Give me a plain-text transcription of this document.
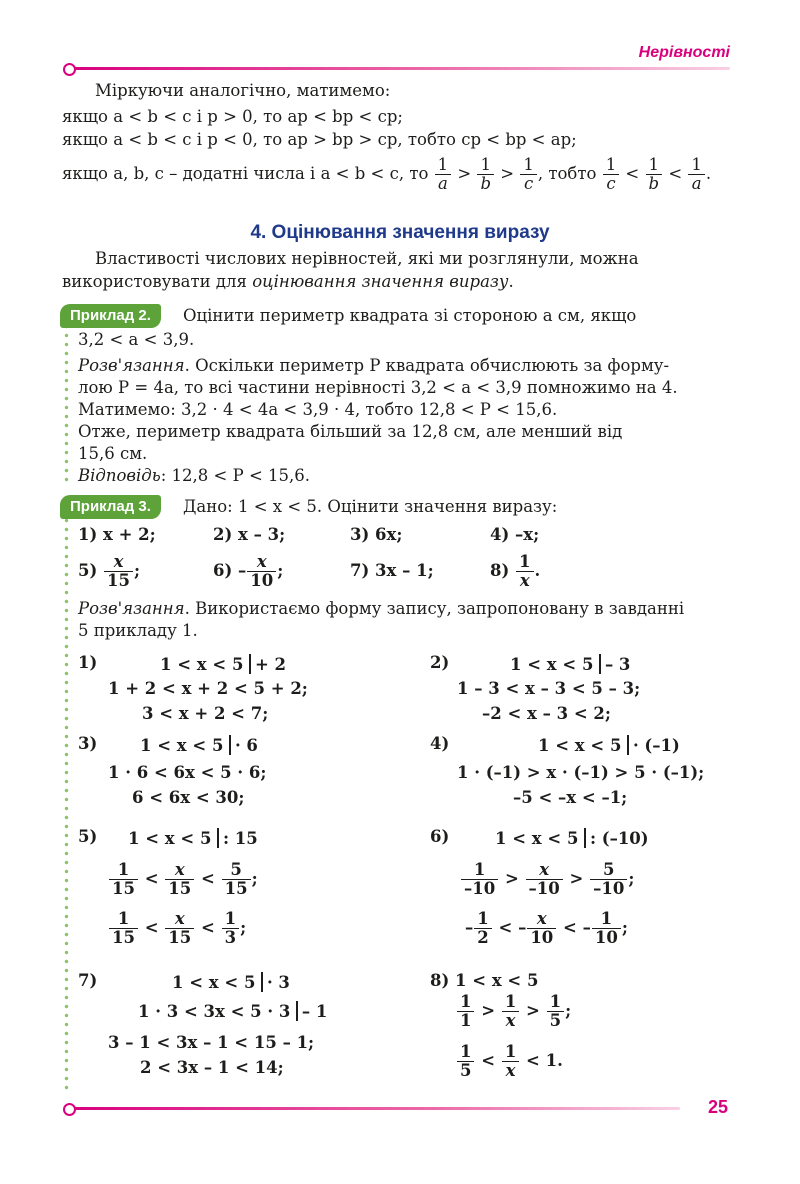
Нерівності
Міркуючи аналогічно, матимемо:
якщо a < b < c і p > 0, то ap < bp < cp;
якщо a < b < c і p < 0, то ap > bp > cp, тобто cp < bp < ap;
якщо a, b, c – додатні числа і a < b < c, то $\frac{1}{a} > \frac{1}{b} > \frac{1}{c}$ , тобто $\frac{1}{c} < \frac{1}{b} < \frac{1}{a}$ .
4. Оцінювання значення виразу
Властивості числових нерівностей, які ми розглянули, можна
використовувати для оцінювання значення виразу.
Приклад 2.	Оцінити периметр квадрата зі стороною a см, якщо
3,2 < a < 3,9.
Розв'язання. Оскільки периметр P квадрата обчислюють за форму-
лою P = 4a, то всі частини нерівності 3,2 < a < 3,9 помножимо на 4.
Матимемо: 3,2 · 4 < 4a < 3,9 · 4, тобто 12,8 < P < 15,6.
Отже, периметр квадрата більший за 12,8 см, але менший від
15,6 см.
Відповідь: 12,8 < P < 15,6.
Приклад 3.	Дано: 1 < x < 5. Оцінити значення виразу:
1) x + 2;	2) x – 3;	3) 6x;	4) –x;
$5) \frac{x}{15}$ ;	$6) - \frac{x}{10}$ ;	7) 3x – 1;	$8) \frac{1}{x}$ .
Розв'язання. Використаємо форму запису, запропоновану в завданні
5 прикладу 1.
1)	1 < x < 5 + 2
1 + 2 < x + 2 < 5 + 2;
3 < x + 2 < 7;
2)	1 < x < 5 – 3
1 – 3 < x – 3 < 5 – 3;
–2 < x – 3 < 2;
3)	1 < x < 5 · 6
1 · 6 < 6x < 5 · 6;
6 < 6x < 30;
4)	1 < x < 5 · (–1)
1 · (–1) > x · (–1) > 5 · (–1);
–5 < –x < –1;
5) 1 < x < 5 : 15
$\frac{1}{15} < \frac{x}{15} < \frac{5}{15}$ ;
$\frac{1}{15} < \frac{x}{15} < \frac{1}{3}$ ;
6)	1 < x < 5 : (–10)
$\frac{1}{-10} > \frac{x}{-10} > \frac{5}{-10}$ ;
– $\frac{1}{2}$ < – $\frac{x}{10}$ < – $\frac{1}{10}$ ;
7)	1 < x < 5 · 3
1 · 3 < 3x < 5 · 3 – 1
3 – 1 < 3x – 1 < 15 – 1;
2 < 3x – 1 < 14;
8) 1 < x < 5
$\frac{1}{1} > \frac{1}{x} > \frac{1}{5}$ ;
$\frac{1}{5} < \frac{1}{x} < 1$.
25
